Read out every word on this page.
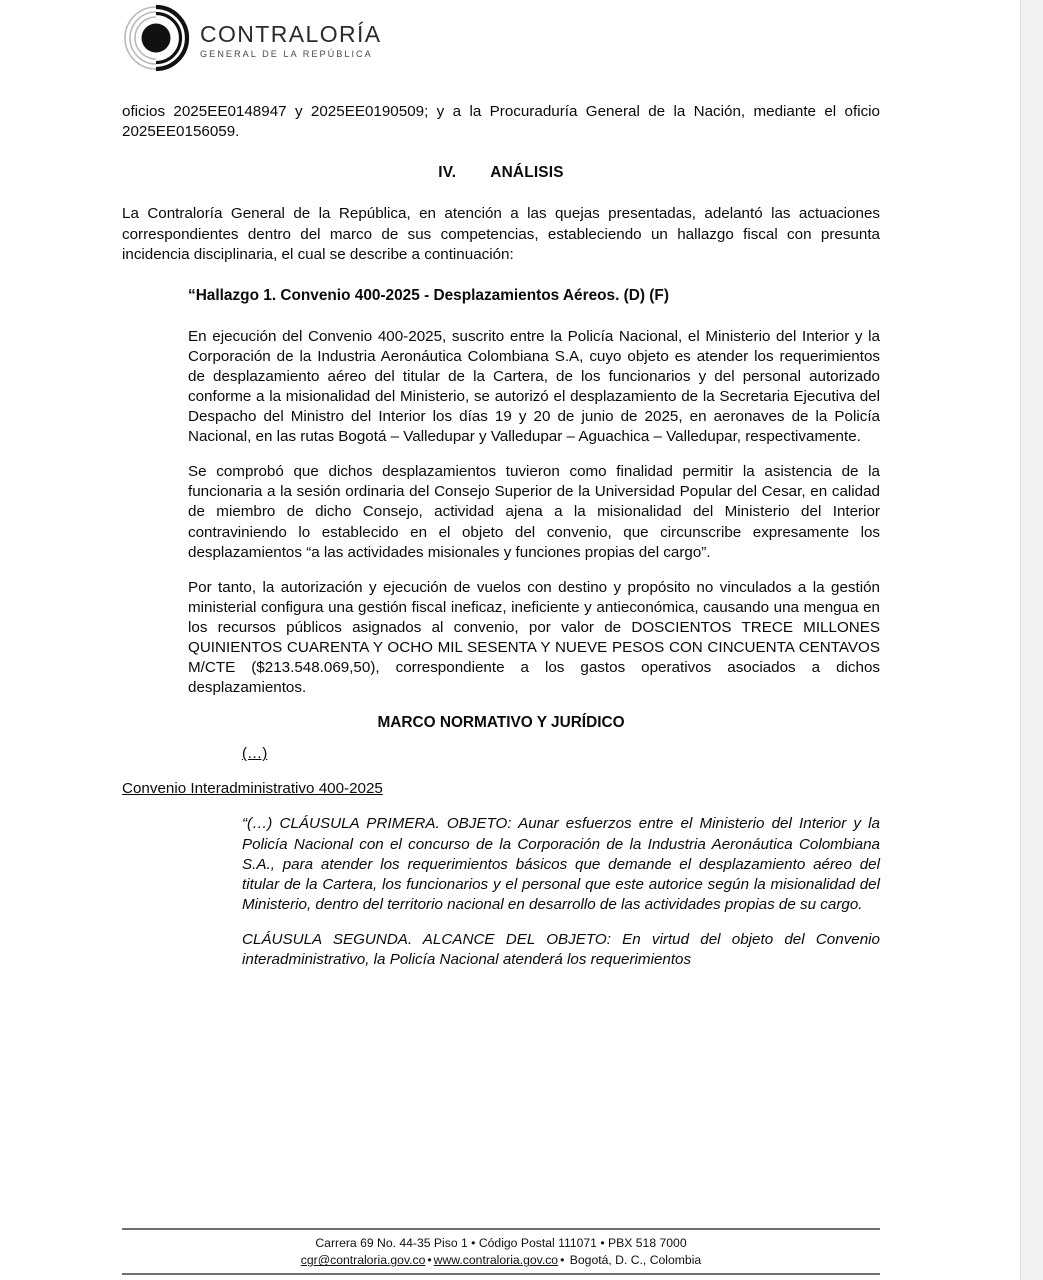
CONTRALORÍA
GENERAL DE LA REPÚBLICA

oficios 2025EE0148947 y 2025EE0190509; y a la Procuraduría General de la Nación, mediante el oficio 2025EE0156059.

IV. ANÁLISIS

La Contraloría General de la República, en atención a las quejas presentadas, adelantó las actuaciones correspondientes dentro del marco de sus competencias, estableciendo un hallazgo fiscal con presunta incidencia disciplinaria, el cual se describe a continuación:

“Hallazgo 1. Convenio 400-2025 - Desplazamientos Aéreos. (D) (F)

En ejecución del Convenio 400-2025, suscrito entre la Policía Nacional, el Ministerio del Interior y la Corporación de la Industria Aeronáutica Colombiana S.A, cuyo objeto es atender los requerimientos de desplazamiento aéreo del titular de la Cartera, de los funcionarios y del personal autorizado conforme a la misionalidad del Ministerio, se autorizó el desplazamiento de la Secretaria Ejecutiva del Despacho del Ministro del Interior los días 19 y 20 de junio de 2025, en aeronaves de la Policía Nacional, en las rutas Bogotá – Valledupar y Valledupar – Aguachica – Valledupar, respectivamente.

Se comprobó que dichos desplazamientos tuvieron como finalidad permitir la asistencia de la funcionaria a la sesión ordinaria del Consejo Superior de la Universidad Popular del Cesar, en calidad de miembro de dicho Consejo, actividad ajena a la misionalidad del Ministerio del Interior contraviniendo lo establecido en el objeto del convenio, que circunscribe expresamente los desplazamientos “a las actividades misionales y funciones propias del cargo”.

Por tanto, la autorización y ejecución de vuelos con destino y propósito no vinculados a la gestión ministerial configura una gestión fiscal ineficaz, ineficiente y antieconómica, causando una mengua en los recursos públicos asignados al convenio, por valor de DOSCIENTOS TRECE MILLONES QUINIENTOS CUARENTA Y OCHO MIL SESENTA Y NUEVE PESOS CON CINCUENTA CENTAVOS M/CTE ($213.548.069,50), correspondiente a los gastos operativos asociados a dichos desplazamientos.

MARCO NORMATIVO Y JURÍDICO

(…)

Convenio Interadministrativo 400-2025

“(…) CLÁUSULA PRIMERA. OBJETO: Aunar esfuerzos entre el Ministerio del Interior y la Policía Nacional con el concurso de la Corporación de la Industria Aeronáutica Colombiana S.A., para atender los requerimientos básicos que demande el desplazamiento aéreo del titular de la Cartera, los funcionarios y el personal que este autorice según la misionalidad del Ministerio, dentro del territorio nacional en desarrollo de las actividades propias de su cargo.

CLÁUSULA SEGUNDA. ALCANCE DEL OBJETO: En virtud del objeto del Convenio interadministrativo, la Policía Nacional atenderá los requerimientos

Carrera 69 No. 44-35 Piso 1 • Código Postal 111071 • PBX 518 7000
cgr@contraloria.gov.co • www.contraloria.gov.co • Bogotá, D. C., Colombia
